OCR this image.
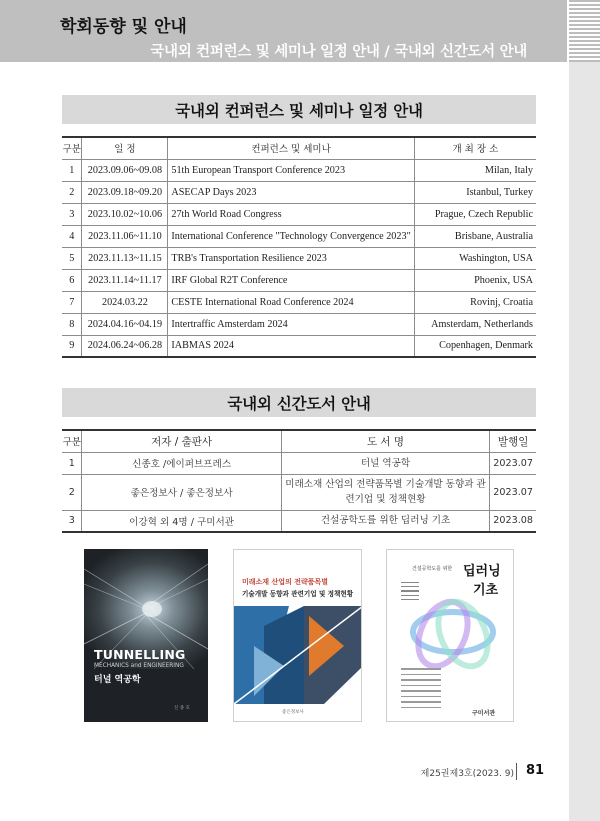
학회동향 및 안내
국내외 컨퍼런스 및 세미나 일정 안내 / 국내외 신간도서 안내
국내외 컨퍼런스 및 세미나 일정 안내
구분	일 정	컨퍼런스 및 세미나	개 최 장 소
1	2023.09.06~09.08	51th European Transport Conference 2023	Milan, Italy
2	2023.09.18~09.20	ASECAP Days 2023	Istanbul, Turkey
3	2023.10.02~10.06	27th World Road Congress	Prague, Czech Republic
4	2023.11.06~11.10	International Conference "Technology Convergence 2023"	Brisbane, Australia
5	2023.11.13~11.15	TRB's Transportation Resilience 2023	Washington, USA
6	2023.11.14~11.17	IRF Global R2T Conference	Phoenix, USA
7	2024.03.22	CESTE International Road Conference 2024	Rovinj, Croatia
8	2024.04.16~04.19	Intertraffic Amsterdam 2024	Amsterdam, Netherlands
9	2024.06.24~06.28	IABMAS 2024	Copenhagen, Denmark
국내외 신간도서 안내
구분	저자 / 출판사	도 서 명	발행일
1	신종호 /에이퍼브프레스	터널 역공학	2023.07
2	좋은정보사 / 좋은정보사	미래소재 산업의 전략품목별 기술개발 동향과 관련기업 및 정책현황	2023.07
3	이강혁 외 4명 / 구미서관	건설공학도를 위한 딥러닝 기초	2023.08
TUNNELLING
MECHANICS and ENGINEERING
터널 역공학
신 종 호
미래소재 산업의 전략품목별
기술개발 동향과 관련기업 및 정책현황
좋은정보사
건설공학도를 위한 딥러닝
기초
구미서관
제25권제3호(2023. 9) 81
